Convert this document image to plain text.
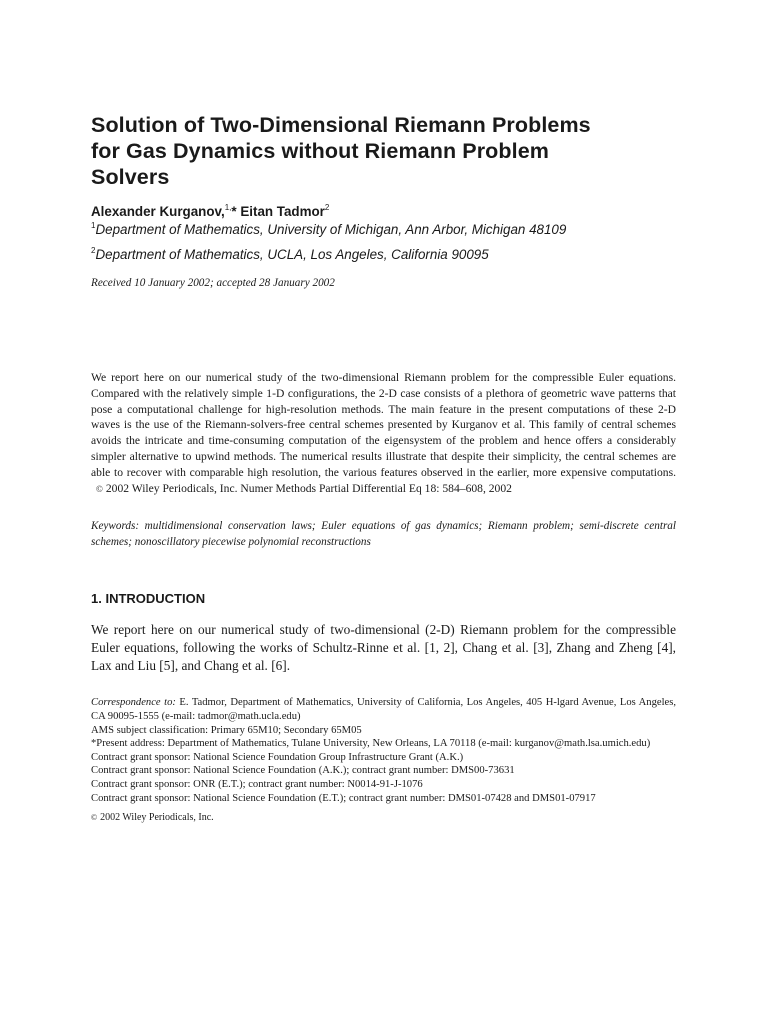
Solution of Two-Dimensional Riemann Problems
for Gas Dynamics without Riemann Problem
Solvers
Alexander Kurganov,$^{1,}$* Eitan Tadmor$^2$
$^1$Department of Mathematics, University of Michigan, Ann Arbor, Michigan 48109
$^2$Department of Mathematics, UCLA, Los Angeles, California 90095
Received 10 January 2002; accepted 28 January 2002
We report here on our numerical study of the two-dimensional Riemann problem for the compressible Euler equations. Compared with the relatively simple 1-D configurations, the 2-D case consists of a plethora of geometric wave patterns that pose a computational challenge for high-resolution methods. The main feature in the present computations of these 2-D waves is the use of the Riemann-solvers-free central schemes presented by Kurganov et al. This family of central schemes avoids the intricate and time-consuming computation of the eigensystem of the problem and hence offers a considerably simpler alternative to upwind methods. The numerical results illustrate that despite their simplicity, the central schemes are able to recover with comparable high resolution, the various features observed in the earlier, more expensive computations. © 2002 Wiley Periodicals, Inc. Numer Methods Partial Differential Eq 18: 584–608, 2002
Keywords: multidimensional conservation laws; Euler equations of gas dynamics; Riemann problem; semi-discrete central schemes; nonoscillatory piecewise polynomial reconstructions
1. INTRODUCTION
We report here on our numerical study of two-dimensional (2-D) Riemann problem for the compressible Euler equations, following the works of Schultz-Rinne et al. [1, 2], Chang et al. [3], Zhang and Zheng [4], Lax and Liu [5], and Chang et al. [6].
Correspondence to: E. Tadmor, Department of Mathematics, University of California, Los Angeles, 405 H-lgard Avenue, Los Angeles, CA 90095-1555 (e-mail: tadmor@math.ucla.edu)
AMS subject classification: Primary 65M10; Secondary 65M05
*Present address: Department of Mathematics, Tulane University, New Orleans, LA 70118 (e-mail: kurganov@math.lsa.umich.edu)
Contract grant sponsor: National Science Foundation Group Infrastructure Grant (A.K.)
Contract grant sponsor: National Science Foundation (A.K.); contract grant number: DMS00-73631
Contract grant sponsor: ONR (E.T.); contract grant number: N0014-91-J-1076
Contract grant sponsor: National Science Foundation (E.T.); contract grant number: DMS01-07428 and DMS01-07917
© 2002 Wiley Periodicals, Inc.
